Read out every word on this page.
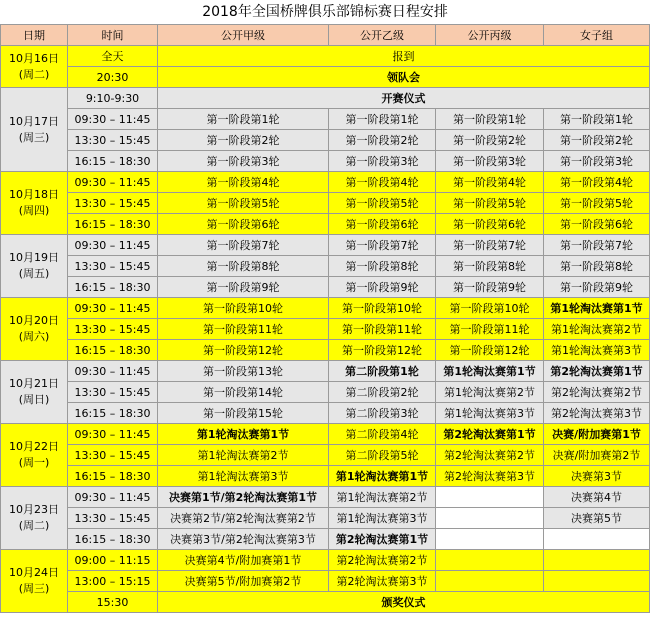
2018年全国桥牌俱乐部锦标赛日程安排					
日期	时间	公开甲级	公开乙级	公开丙级	女子组

10月16日
(周二)	全天	报到			
	20:30	领队会			

10月17日
(周三)	9:10-9:30	开赛仪式			
	09:30 – 11:45	第一阶段第1轮	第一阶段第1轮	第一阶段第1轮	第一阶段第1轮
	13:30 – 15:45	第一阶段第2轮	第一阶段第2轮	第一阶段第2轮	第一阶段第2轮
	16:15 – 18:30	第一阶段第3轮	第一阶段第3轮	第一阶段第3轮	第一阶段第3轮

10月18日
(周四)	09:30 – 11:45	第一阶段第4轮	第一阶段第4轮	第一阶段第4轮	第一阶段第4轮
	13:30 – 15:45	第一阶段第5轮	第一阶段第5轮	第一阶段第5轮	第一阶段第5轮
	16:15 – 18:30	第一阶段第6轮	第一阶段第6轮	第一阶段第6轮	第一阶段第6轮

10月19日
(周五)	09:30 – 11:45	第一阶段第7轮	第一阶段第7轮	第一阶段第7轮	第一阶段第7轮
	13:30 – 15:45	第一阶段第8轮	第一阶段第8轮	第一阶段第8轮	第一阶段第8轮
	16:15 – 18:30	第一阶段第9轮	第一阶段第9轮	第一阶段第9轮	第一阶段第9轮

10月20日
(周六)	09:30 – 11:45	第一阶段第10轮	第一阶段第10轮	第一阶段第10轮	第1轮淘汰赛第1节
	13:30 – 15:45	第一阶段第11轮	第一阶段第11轮	第一阶段第11轮	第1轮淘汰赛第2节
	16:15 – 18:30	第一阶段第12轮	第一阶段第12轮	第一阶段第12轮	第1轮淘汰赛第3节

10月21日
(周日)	09:30 – 11:45	第一阶段第13轮	第二阶段第1轮	第1轮淘汰赛第1节	第2轮淘汰赛第1节
	13:30 – 15:45	第一阶段第14轮	第二阶段第2轮	第1轮淘汰赛第2节	第2轮淘汰赛第2节
	16:15 – 18:30	第一阶段第15轮	第二阶段第3轮	第1轮淘汰赛第3节	第2轮淘汰赛第3节

10月22日
(周一)	09:30 – 11:45	第1轮淘汰赛第1节	第二阶段第4轮	第2轮淘汰赛第1节	决赛/附加赛第1节
	13:30 – 15:45	第1轮淘汰赛第2节	第二阶段第5轮	第2轮淘汰赛第2节	决赛/附加赛第2节
	16:15 – 18:30	第1轮淘汰赛第3节	第1轮淘汰赛第1节	第2轮淘汰赛第3节	决赛第3节

10月23日
(周二)	09:30 – 11:45	决赛第1节/第2轮淘汰赛第1节	第1轮淘汰赛第2节		决赛第4节
	13:30 – 15:45	决赛第2节/第2轮淘汰赛第2节	第1轮淘汰赛第3节		决赛第5节
	16:15 – 18:30	决赛第3节/第2轮淘汰赛第3节	第2轮淘汰赛第1节		

10月24日
(周三)	09:00 – 11:15	决赛第4节/附加赛第1节	第2轮淘汰赛第2节		
	13:00 – 15:15	决赛第5节/附加赛第2节	第2轮淘汰赛第3节		
	15:30	颁奖仪式			
